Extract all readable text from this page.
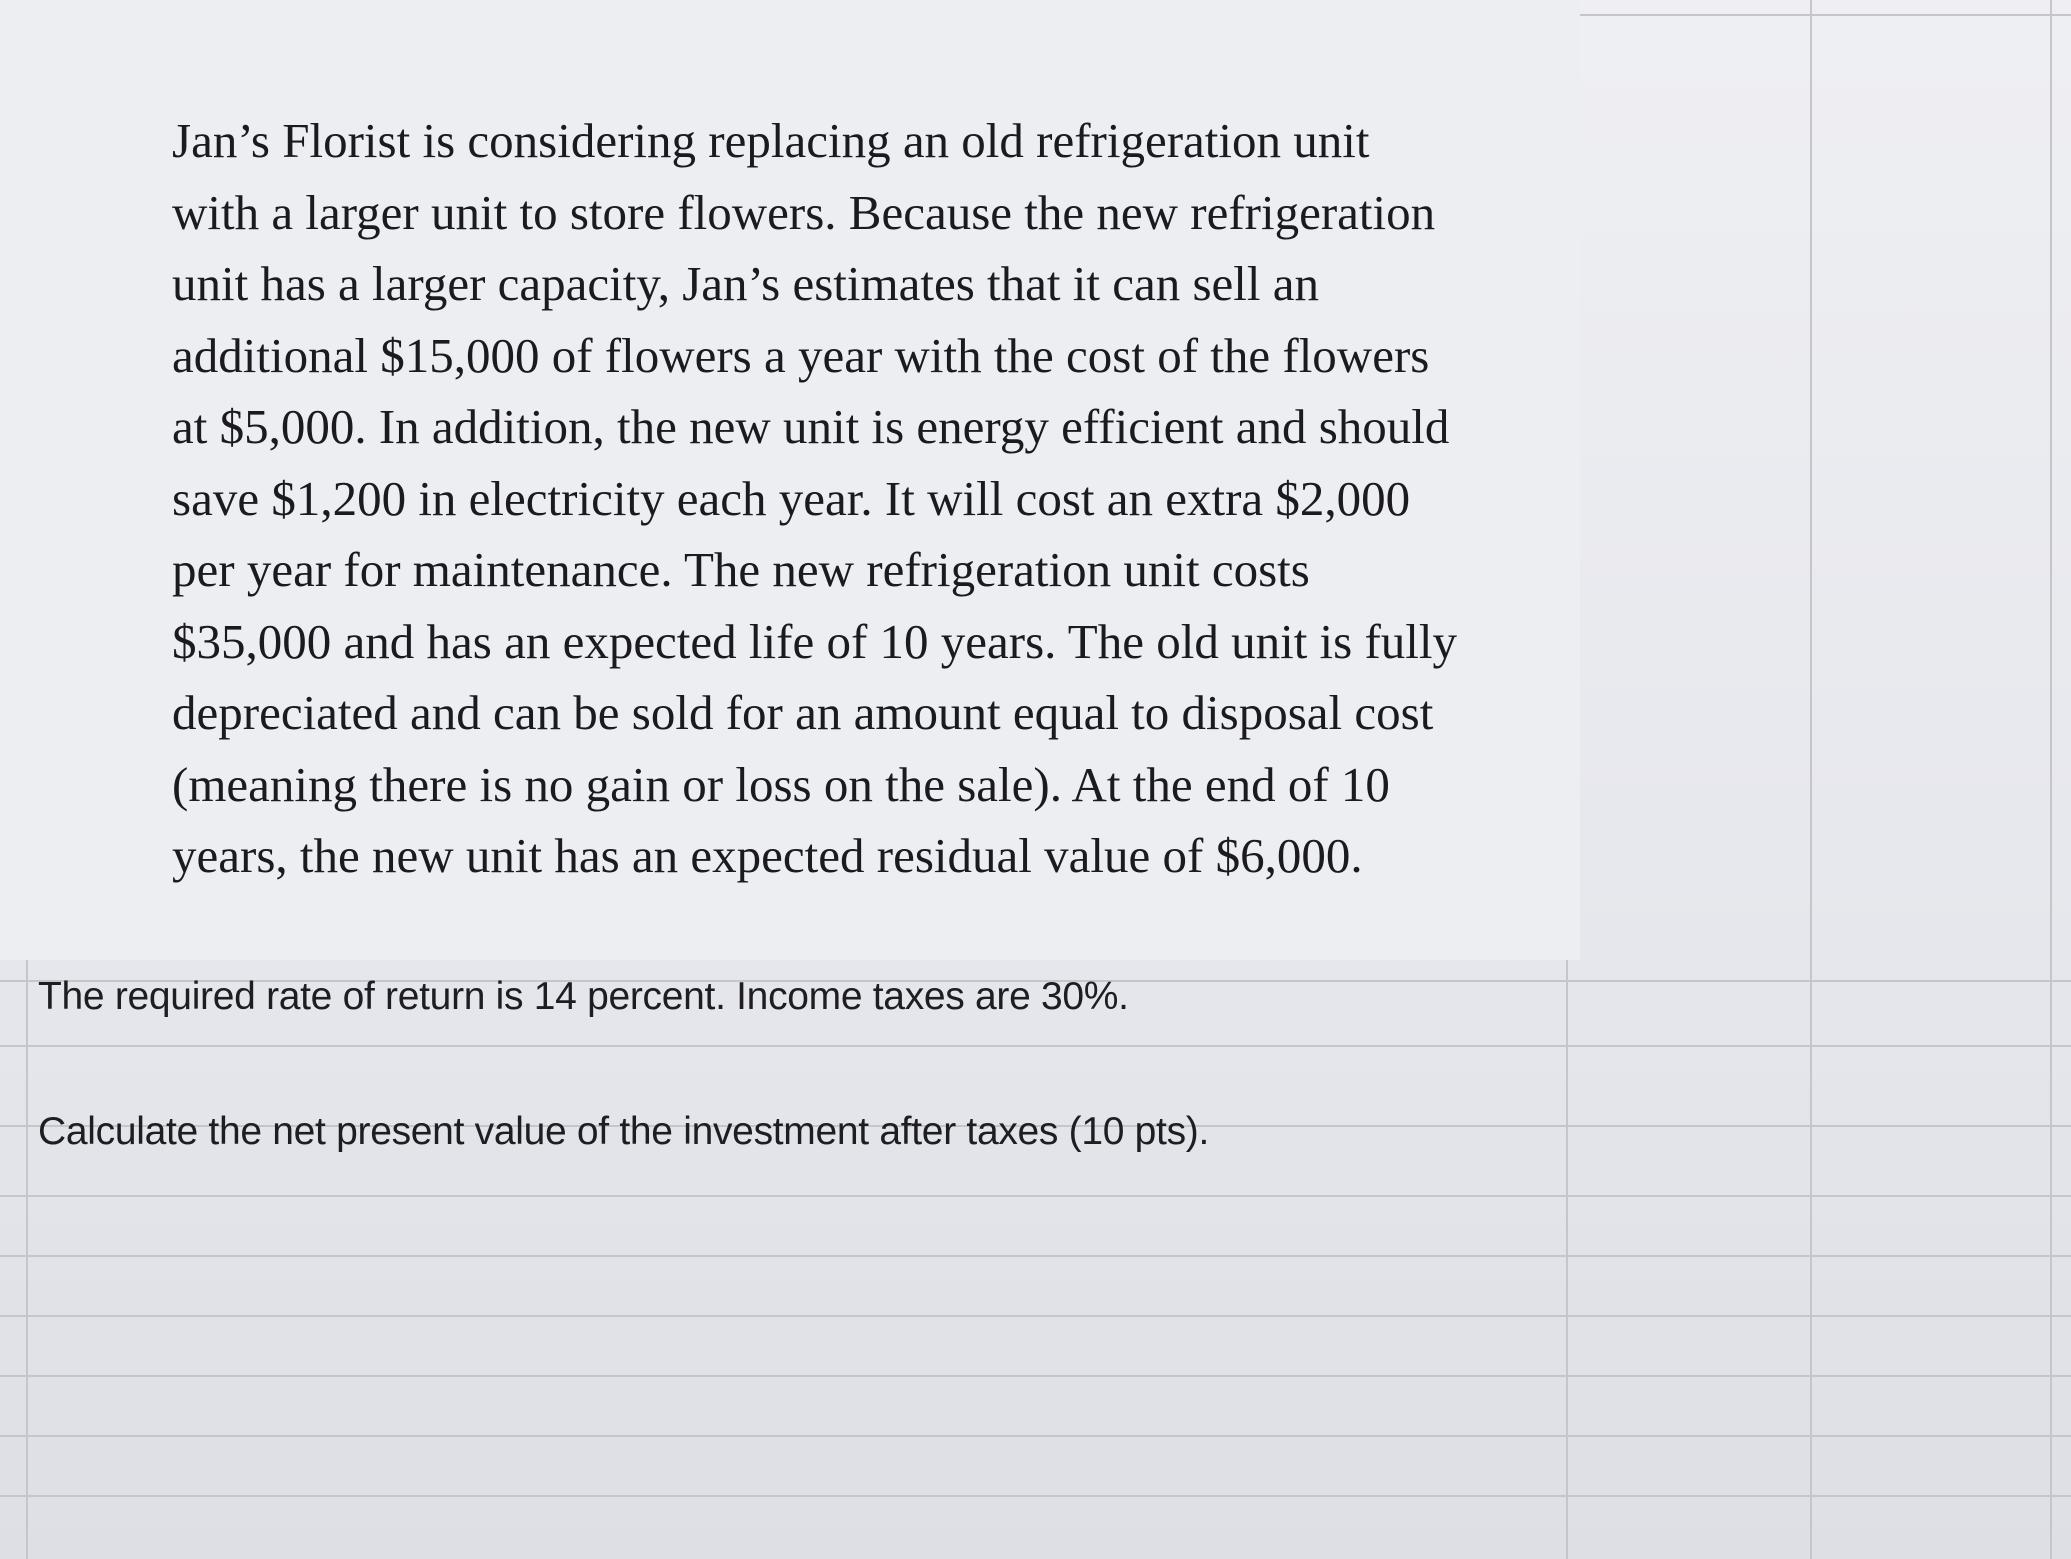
Jan’s Florist is considering replacing an old refrigeration unit
with a larger unit to store flowers. Because the new refrigeration
unit has a larger capacity, Jan’s estimates that it can sell an
additional $15,000 of flowers a year with the cost of the flowers
at $5,000. In addition, the new unit is energy efficient and should
save $1,200 in electricity each year. It will cost an extra $2,000
per year for maintenance. The new refrigeration unit costs
$35,000 and has an expected life of 10 years. The old unit is fully
depreciated and can be sold for an amount equal to disposal cost
(meaning there is no gain or loss on the sale). At the end of 10
years, the new unit has an expected residual value of $6,000.

The required rate of return is 14 percent. Income taxes are 30%.

Calculate the net present value of the investment after taxes (10 pts).
